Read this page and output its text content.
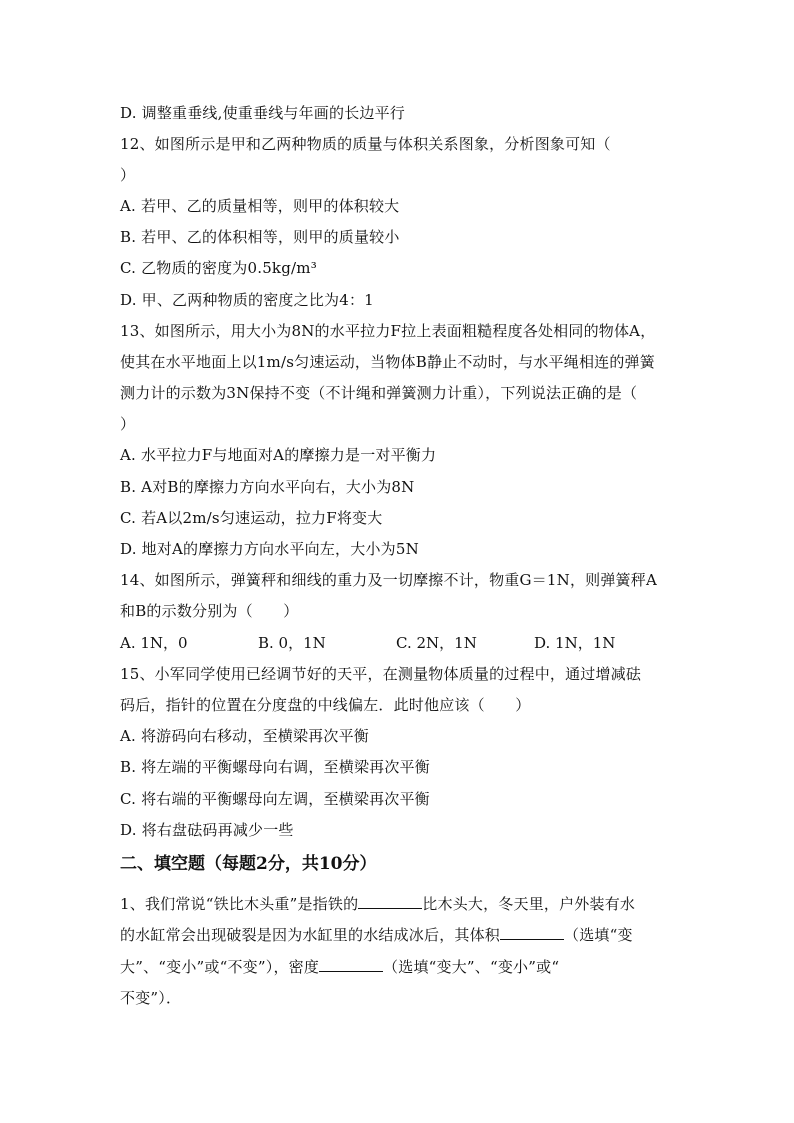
D. 调整重垂线,使重垂线与年画的长边平行
12、如图所示是甲和乙两种物质的质量与体积关系图象，分析图象可知（
）
A. 若甲、乙的质量相等，则甲的体积较大
B. 若甲、乙的体积相等，则甲的质量较小
C. 乙物质的密度为0.5kg/m³
D. 甲、乙两种物质的密度之比为4：1
13、如图所示，用大小为8N的水平拉力F拉上表面粗糙程度各处相同的物体A，
使其在水平地面上以1m/s匀速运动，当物体B静止不动时，与水平绳相连的弹簧
测力计的示数为3N保持不变（不计绳和弹簧测力计重），下列说法正确的是（
）
A. 水平拉力F与地面对A的摩擦力是一对平衡力
B. A对B的摩擦力方向水平向右，大小为8N
C. 若A以2m/s匀速运动，拉力F将变大
D. 地对A的摩擦力方向水平向左，大小为5N
14、如图所示，弹簧秤和细线的重力及一切摩擦不计，物重G＝1N，则弹簧秤A
和B的示数分别为（　　）
A. 1N，0	B. 0，1N	C. 2N，1N	D. 1N，1N
15、小军同学使用已经调节好的天平，在测量物体质量的过程中，通过增减砝
码后，指针的位置在分度盘的中线偏左．此时他应该（　　）
A. 将游码向右移动，至横梁再次平衡
B. 将左端的平衡螺母向右调，至横梁再次平衡
C. 将右端的平衡螺母向左调，至横梁再次平衡
D. 将右盘砝码再减少一些
二、填空题（每题2分，共10分）
1、我们常说“铁比木头重”是指铁的	比木头大，冬天里，户外装有水
的水缸常会出现破裂是因为水缸里的水结成冰后，其体积	（选填“变
大”、“变小”或“不变”），密度	（选填“变大”、“变小”或“
不变”）．
